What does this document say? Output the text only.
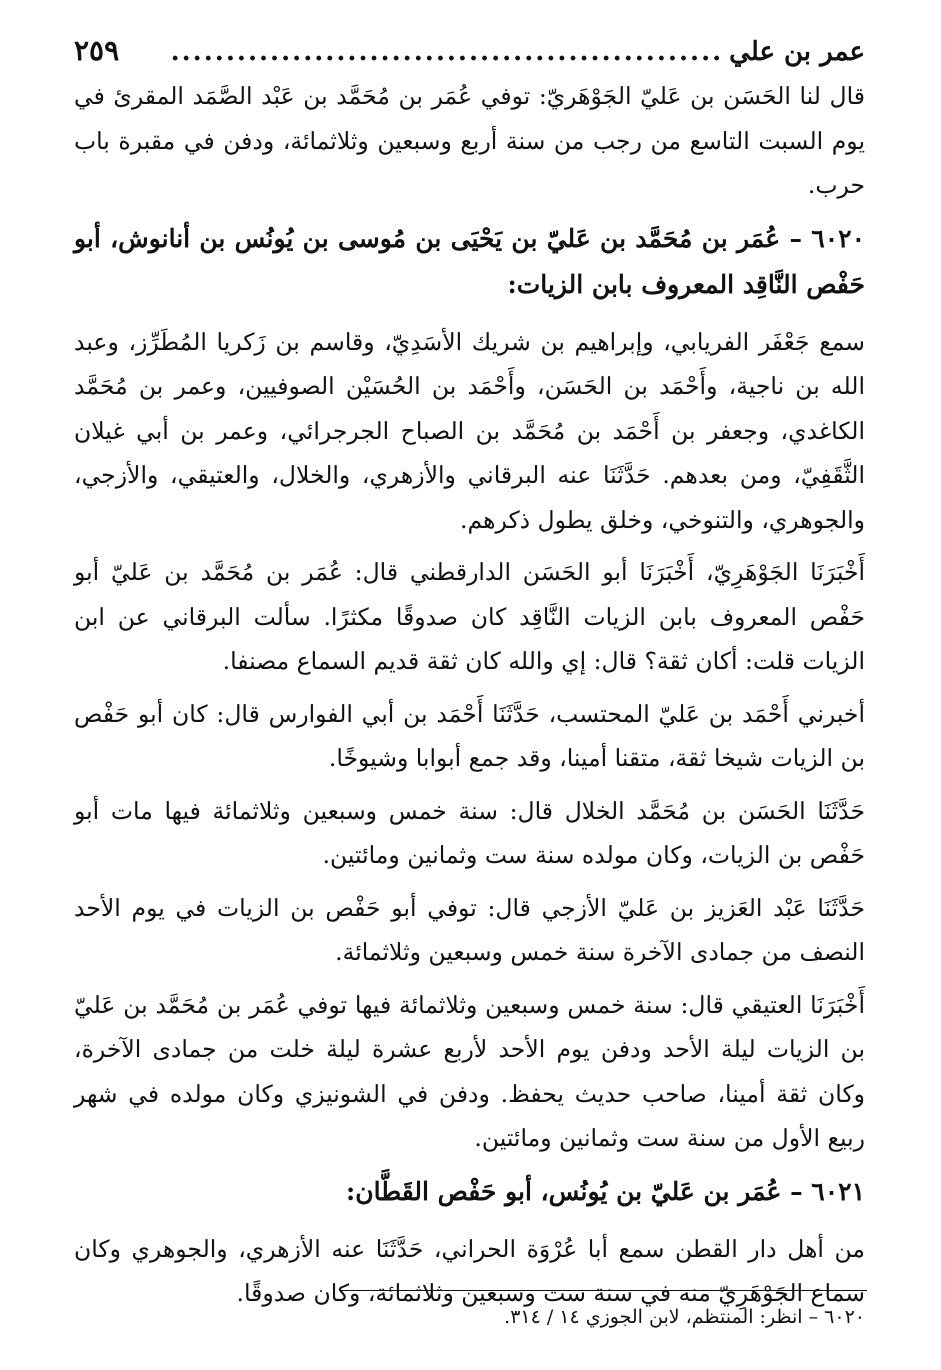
عمر بن علي
..................................................
٢٥٩

قال لنا الحَسَن بن عَليّ الجَوْهَريّ: توفي عُمَر بن مُحَمَّد بن عَبْد الصَّمَد المقرئ في يوم السبت التاسع من رجب من سنة أربع وسبعين وثلاثمائة، ودفن في مقبرة باب حرب.

٦٠٢٠ – عُمَر بن مُحَمَّد بن عَليّ بن يَحْيَى بن مُوسى بن يُونُس بن أنانوش، أبو حَفْص النَّاقِد المعروف بابن الزيات:

سمع جَعْفَر الفريابي، وإبراهيم بن شريك الأسَدِيّ، وقاسم بن زَكريا المُطَرِّز، وعبد الله بن ناجية، وأَحْمَد بن الحَسَن، وأَحْمَد بن الحُسَيْن الصوفيين، وعمر بن مُحَمَّد الكاغدي، وجعفر بن أَحْمَد بن مُحَمَّد بن الصباح الجرجرائي، وعمر بن أبي غيلان الثَّقَفِيّ، ومن بعدهم. حَدَّثَنَا عنه البرقاني والأزهري، والخلال، والعتيقي، والأزجي، والجوهري، والتنوخي، وخلق يطول ذكرهم.

أَخْبَرَنَا الجَوْهَرِيّ، أَخْبَرَنَا أبو الحَسَن الدارقطني قال: عُمَر بن مُحَمَّد بن عَليّ أبو حَفْص المعروف بابن الزيات النَّاقِد كان صدوقًا مكثرًا. سألت البرقاني عن ابن الزيات قلت: أكان ثقة؟ قال: إي والله كان ثقة قديم السماع مصنفا.

أخبرني أَحْمَد بن عَليّ المحتسب، حَدَّثَنَا أَحْمَد بن أبي الفوارس قال: كان أبو حَفْص بن الزيات شيخا ثقة، متقنا أمينا، وقد جمع أبوابا وشيوخًا.

حَدَّثَنَا الحَسَن بن مُحَمَّد الخلال قال: سنة خمس وسبعين وثلاثمائة فيها مات أبو حَفْص بن الزيات، وكان مولده سنة ست وثمانين ومائتين.

حَدَّثَنَا عَبْد العَزيز بن عَليّ الأزجي قال: توفي أبو حَفْص بن الزيات في يوم الأحد النصف من جمادى الآخرة سنة خمس وسبعين وثلاثمائة.

أَخْبَرَنَا العتيقي قال: سنة خمس وسبعين وثلاثمائة فيها توفي عُمَر بن مُحَمَّد بن عَليّ بن الزيات ليلة الأحد ودفن يوم الأحد لأربع عشرة ليلة خلت من جمادى الآخرة، وكان ثقة أمينا، صاحب حديث يحفظ. ودفن في الشونيزي وكان مولده في شهر ربيع الأول من سنة ست وثمانين ومائتين.

٦٠٢١ – عُمَر بن عَليّ بن يُونُس، أبو حَفْص القَطَّان:

من أهل دار القطن سمع أبا عُرْوَة الحراني، حَدَّثَنَا عنه الأزهري، والجوهري وكان سماع الجَوْهَرِيّ منه في سنة ست وسبعين وثلاثمائة، وكان صدوقًا.

٦٠٢٠ – انظر: المنتظم، لابن الجوزي ١٤ / ٣١٤.
